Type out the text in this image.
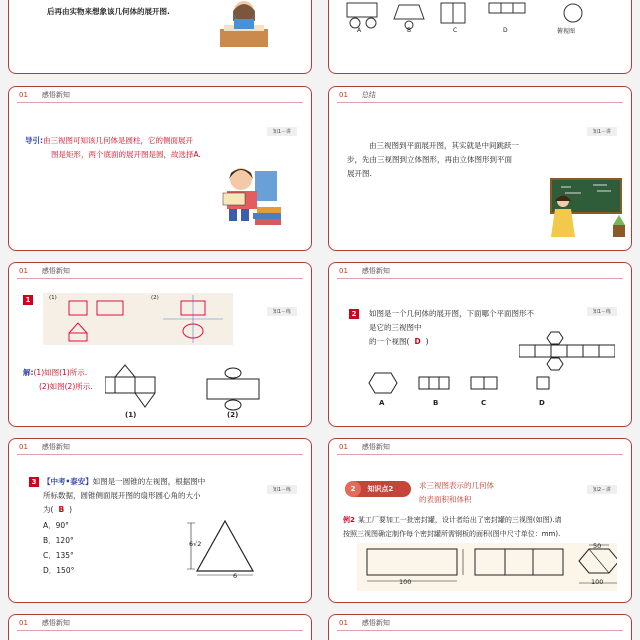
后再由实物来想象该几何体的展开图.
A	B	C	D	俯视图
01 感悟新知
知1－讲
导引:由三视图可知该几何体是圆柱，它的侧面展开
图是矩形，两个底面的展开图是圆，故选择A.
01 总结
知1－讲
由三视图到平面展开图，其实就是中间跳跃一
步，先由三视图到立体图形，再由立体图形到平面
展开图.
01 感悟新知
知1－练
1	(1)	(2)
解:(1)如图(1)所示.
(2)如图(2)所示.
(1)	(2)
01 感悟新知
知1－练
2	如图是一个几何体的展开图，下面哪个平面图形不
是它的三视图中
的一个视图( D )
A	B	C	D
01 感悟新知
知1－练
3 【中考•泰安】如图是一圆锥的左视图，根据图中
所标数据，圆锥侧面展开图的扇形圆心角的大小
为( B )
A．90°
B．120°
C．135°
D．150°
6√2
6
01 感悟新知
2 知识点2	求三视图表示的几何体
的表面积和体积
知2－讲
例2 某工厂要加工一批密封罐，设计者给出了密封罐的三视图(如图).请
按照三视图确定制作每个密封罐所需钢板的面积(图中尺寸单位：mm).
100
50
100
01 感悟新知	01 感悟新知
